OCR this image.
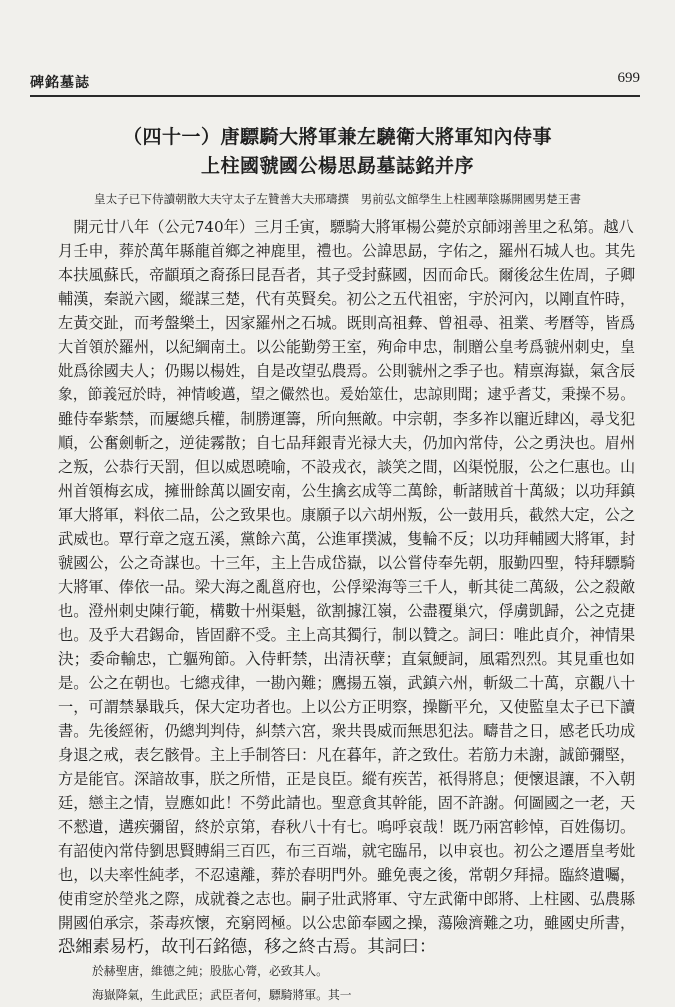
碑銘墓誌	699
（四十一）唐驃騎大將軍兼左驍衛大將軍知內侍事
上柱國虢國公楊思勗墓誌銘并序
皇太子已下侍讀朝散大夫守太子左贊善大夫邢璹撰　男前弘文館學生上柱國華陰縣開國男楚王書
　開元廿八年（公元740年）三月壬寅，驃騎大將軍楊公薨於京師翊善里之私第。越八
月壬申，葬於萬年縣龍首鄉之神鹿里，禮也。公諱思勗，字佑之，羅州石城人也。其先
本扶風蘇氏，帝顓頊之裔孫曰昆吾者，其子受封蘇國，因而命氏。爾後忿生佐周，子卿
輔漢，秦説六國，縱謀三楚，代有英賢矣。初公之五代祖密，宇於河內，以剛直忤時，
左黃交趾，而考盤樂土，因家羅州之石城。既則高祖彜、曾祖尋、祖業、考曆等，皆爲
大首領於羅州，以紀綱南土。以公能勤勞王室，殉命申忠，制贈公皇考爲虢州刺史，皇
妣爲徐國夫人；仍賜以楊姓，自是改望弘農焉。公則虢州之季子也。精禀海嶽，氣含辰
象，節義冠於時，神情峻邁，望之儼然也。爰始筮仕，忠諒則聞；逮乎耆艾，秉操不易。
雖侍奉紫禁，而屢總兵權，制勝運籌，所向無敵。中宗朝，李多祚以寵近肆凶，尋戈犯
順，公奮劍斬之，逆徒霧散；自七品拜銀青光禄大夫，仍加內常侍，公之勇決也。眉州
之叛，公恭行天罰，但以威恩曉喻，不設戎衣，談笑之間，凶渠悦服，公之仁惠也。山
州首領梅玄成，擁卌餘萬以圖安南，公生擒玄成等二萬餘，斬諸賊首十萬級；以功拜鎮
軍大將軍，料依二品，公之致果也。康願子以六胡州叛，公一鼓用兵，截然大定，公之
武威也。覃行章之寇五溪，黨餘六萬，公進軍撲滅，隻輪不反；以功拜輔國大將軍，封
虢國公，公之奇謀也。十三年，主上告成岱嶽，以公嘗侍奉先朝，服勤四聖，特拜驃騎
大將軍、俸依一品。梁大海之亂邕府也，公俘梁海等三千人，斬其徒二萬級，公之殺敵
也。澄州刺史陳行範，構數十州渠魁，欲割據江嶺，公盡覆巢穴，俘虜凱歸，公之克捷
也。及乎大君錫命，皆固辭不受。主上高其獨行，制以贊之。詞曰：唯此貞介，神情果
決；委命輸忠，亡軀殉節。入侍軒禁，出清祆孽；直氣鯁詞，風霜烈烈。其見重也如
是。公之在朝也。七總戎律，一勘內難；鷹揚五嶺，武鎮六州，斬級二十萬，京觀八十
一，可謂禁暴戢兵，保大定功者也。上以公方正明察，操斷平允，又使監皇太子已下讀
書。先後經術，仍總判判侍，糾禁六宮，衆共畏威而無思犯法。疇昔之日，感老氏功成
身退之戒，表乞骸骨。主上手制答曰：凡在暮年，許之致仕。若筋力未謝，誠節彌堅，
方是能官。深諳故事，朕之所惜，正是良臣。縱有疾苦，祇得將息；便懷退讓，不入朝
廷，戀主之情，豈應如此！不勞此請也。聖意貪其幹能，固不許謝。何圖國之一老，天
不憖遺，遘疾彌留，終於京第，春秋八十有七。嗚呼哀哉！既乃兩宮軫悼，百姓傷切。
有詔使內常侍劉思賢賻絹三百匹，布三百端，就宅臨吊，以申哀也。初公之遷厝皇考妣
也，以夫率性純孝，不忍遠離，葬於春明門外。雖免喪之後，常朝夕拜掃。臨終遺囑，
使甫窆於塋兆之際，成就養之志也。嗣子壯武將軍、守左武衛中郎將、上柱國、弘農縣
開國伯承宗，荼毒疚懷，充窮罔極。以公忠節奉國之操，蕩險濟難之功，雖國史所書，
恐緗素易朽，故刊石銘德，移之終古焉。其詞曰：
於赫聖唐，維德之純；股肱心膂，必致其人。
海嶽降氣，生此武臣；武臣者何，驃騎將軍。其一
